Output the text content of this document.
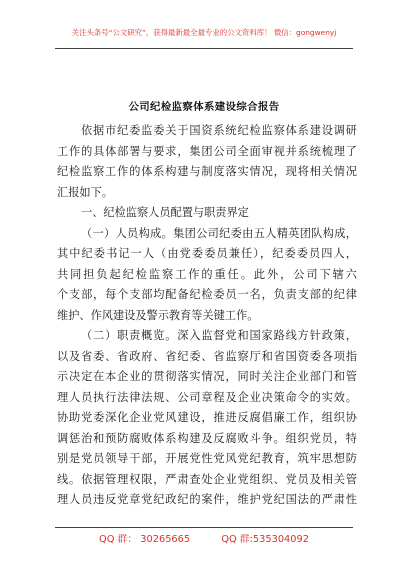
关注头条号“公文研究”，获得最新最全最专业的公文资料库！ 微信：gongwenyj
公司纪检监察体系建设综合报告
依据市纪委监委关于国资系统纪检监察体系建设调研
工作的具体部署与要求，集团公司全面审视并系统梳理了
纪检监察工作的体系构建与制度落实情况，现将相关情况
汇报如下。
一、纪检监察人员配置与职责界定
（一）人员构成。集团公司纪委由五人精英团队构成，
其中纪委书记一人（由党委委员兼任），纪委委员四人，
共同担负起纪检监察工作的重任。此外，公司下辖六
个支部，每个支部均配备纪检委员一名，负责支部的纪律
维护、作风建设及警示教育等关键工作。
（二）职责概览。深入监督党和国家路线方针政策，
以及省委、省政府、省纪委、省监察厅和省国资委各项指
示决定在本企业的贯彻落实情况，同时关注企业部门和管
理人员执行法律法规、公司章程及企业决策命令的实效。
协助党委深化企业党风建设，推进反腐倡廉工作，组织协
调惩治和预防腐败体系构建及反腐败斗争。组织党员，特
别是党员领导干部，开展党性党风党纪教育，筑牢思想防
线。依据管理权限，严肃查处企业党组织、党员及相关管
理人员违反党章党纪政纪的案件，维护党纪国法的严肃性
QQ 群： 30265665	QQ 群:535304092
